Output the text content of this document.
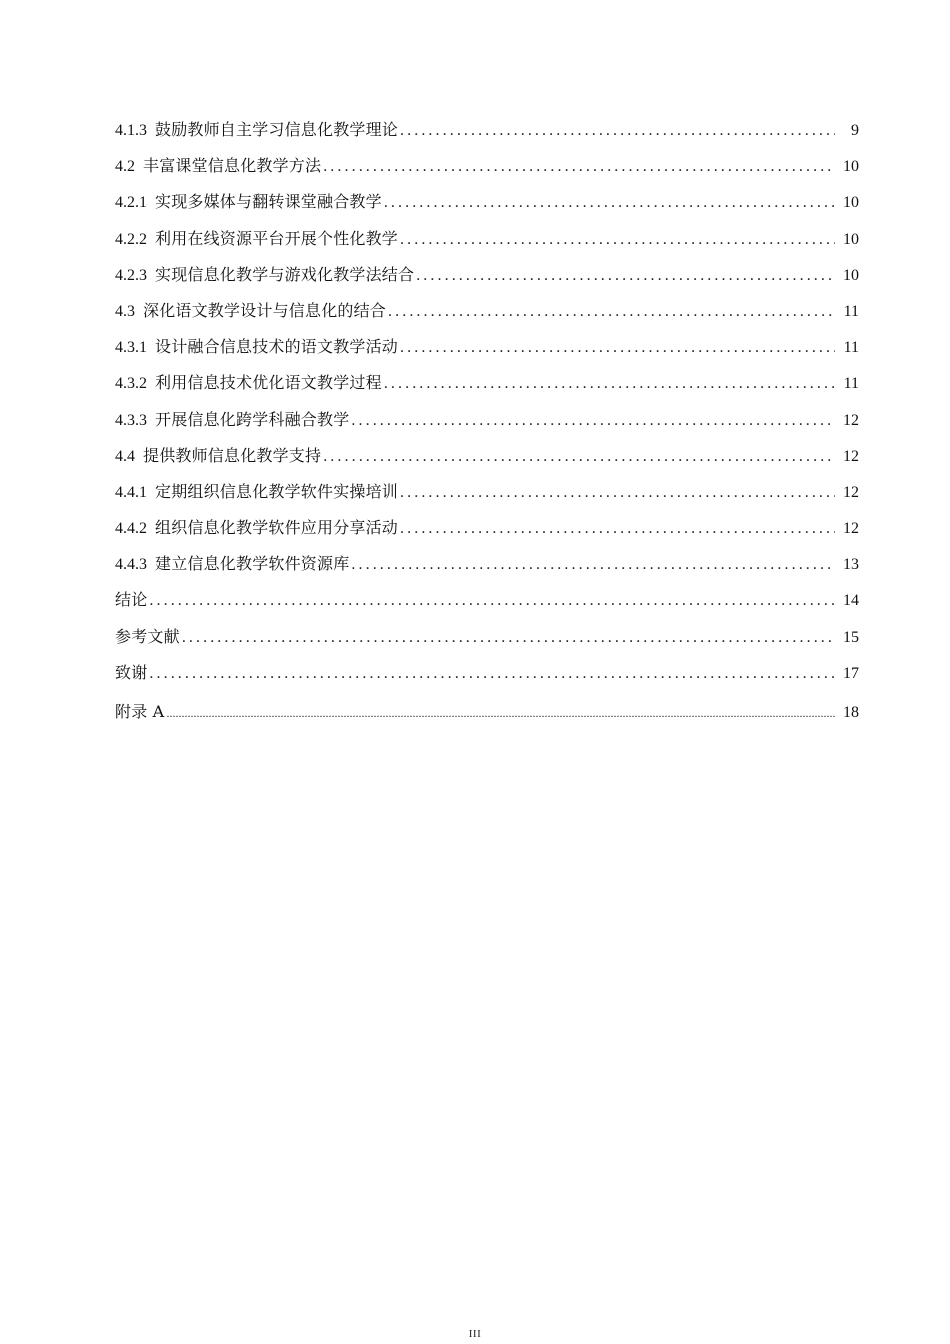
4.1.3 鼓励教师自主学习信息化教学理论 .....	9
4.2 丰富课堂信息化教学方法 .....	10
4.2.1 实现多媒体与翻转课堂融合教学 .....	10
4.2.2 利用在线资源平台开展个性化教学 .....	10
4.2.3 实现信息化教学与游戏化教学法结合 .....	10
4.3 深化语文教学设计与信息化的结合 .....	11
4.3.1 设计融合信息技术的语文教学活动 .....	11
4.3.2 利用信息技术优化语文教学过程 .....	11
4.3.3 开展信息化跨学科融合教学 .....	12
4.4 提供教师信息化教学支持 .....	12
4.4.1 定期组织信息化教学软件实操培训 .....	12
4.4.2 组织信息化教学软件应用分享活动 .....	12
4.4.3 建立信息化教学软件资源库 .....	13
结论 .....	14
参考文献 .....	15
致谢 .....	17
附录 A .....	18
III
